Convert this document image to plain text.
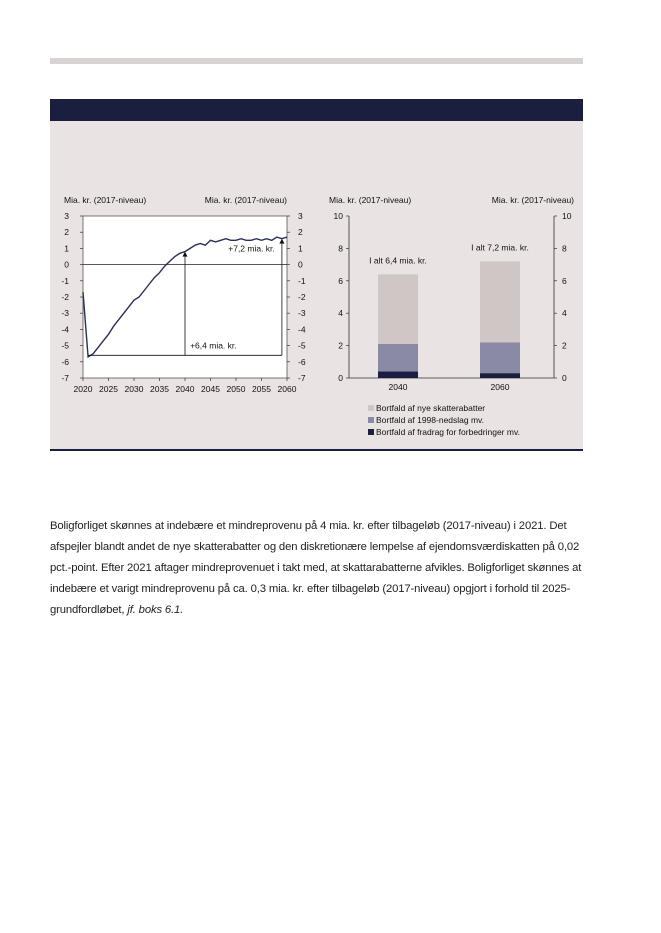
Mia. kr. (2017-niveau)	Mia. kr. (2017-niveau)
3	3
2	2
1	1
0	0
-1	-1
-2	-2
-3	-3
-4	-4
-5	-5
-6	-6
-7	-7
2020 2025 2030 2035 2040 2045 2050 2055 2060
+7,2 mia. kr.
+6,4 mia. kr.
Mia. kr. (2017-niveau)	Mia. kr. (2017-niveau)
10	10
8	8
6	6
4	4
2	2
0	0
2040
I alt 6,4 mia. kr.
2060
I alt 7,2 mia. kr.
Bortfald af nye skatterabatter
Bortfald af 1998-nedslag mv.
Bortfald af fradrag for forbedringer mv.

Boligforliget skønnes at indebære et mindreprovenu på 4 mia. kr. efter tilbageløb (2017-niveau) i 2021. Det afspejler blandt andet de nye skatterabatter og den diskretionære lempelse af ejendomsværdiskatten på 0,02 pct.-point. Efter 2021 aftager mindreprovenuet i takt med, at skattarabatterne afvikles. Boligforliget skønnes at indebære et varigt mindreprovenu på ca. 0,3 mia. kr. efter tilbageløb (2017-niveau) opgjort i forhold til 2025-grundfordløbet, jf. boks 6.1.
